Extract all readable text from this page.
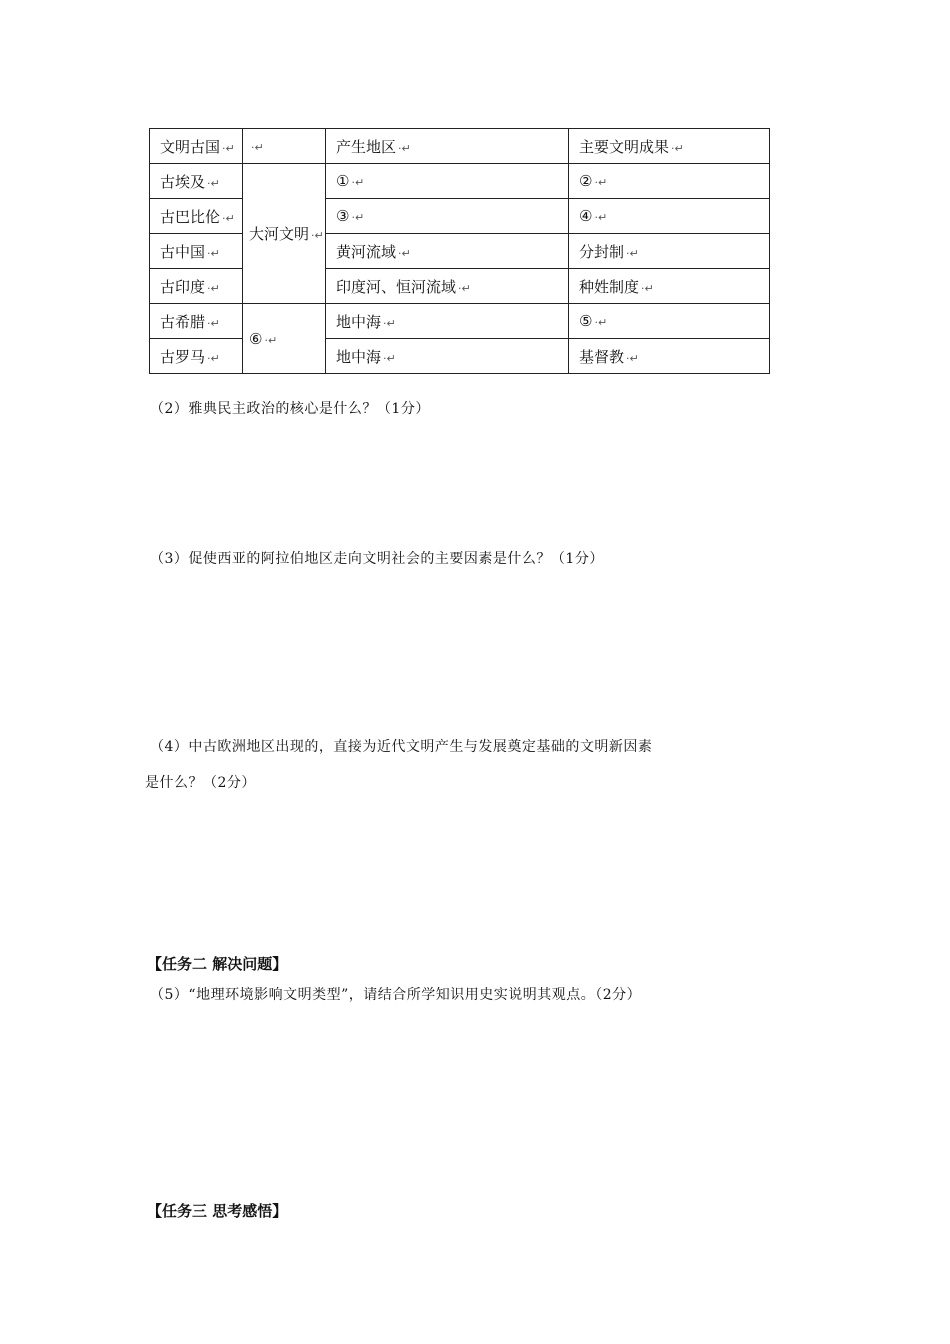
文明古国 ·↵	·↵	产生地区 ·↵	主要文明成果 ·↵
古埃及 ·↵	大河文明 ·↵	① ·↵	② ·↵
古巴比伦 ·↵		③ ·↵	④ ·↵
古中国 ·↵		黄河流域 ·↵	分封制 ·↵
古印度 ·↵		印度河、恒河流域 ·↵	种姓制度 ·↵
古希腊 ·↵	⑥ ·↵	地中海 ·↵	⑤ ·↵
古罗马 ·↵		地中海 ·↵	基督教 ·↵
（2）雅典民主政治的核心是什么？（1分）
（3）促使西亚的阿拉伯地区走向文明社会的主要因素是什么？（1分）
（4）中古欧洲地区出现的，直接为近代文明产生与发展奠定基础的文明新因素
是什么？（2分）
【任务二 解决问题】
（5）“地理环境影响文明类型”，请结合所学知识用史实说明其观点。（2分）
【任务三 思考感悟】
